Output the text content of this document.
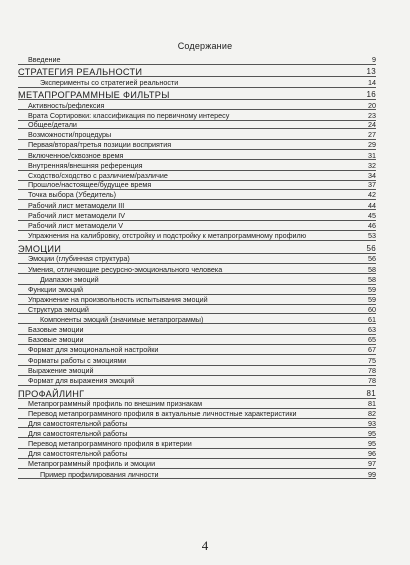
Содержание
Введение	9
СТРАТЕГИЯ РЕАЛЬНОСТИ	13
Эксперименты со стратегией реальности	14
МЕТАПРОГРАММНЫЕ ФИЛЬТРЫ	16
Активность/рефлексия	20
Врата Сортировки: классификация по первичному интересу	23
Общее/детали	24
Возможности/процедуры	27
Первая/вторая/третья позиции восприятия	29
Включенное/сквозное время	31
Внутренняя/внешняя референция	32
Сходство/сходство с различием/различие	34
Прошлое/настоящее/будущее время	37
Точка выбора (Убедитель)	42
Рабочий лист метамодели III	44
Рабочий лист метамодели IV	45
Рабочий лист метамодели V	46
Упражнения на калибровку, отстройку и подстройку к метапрограммному профилю	53
ЭМОЦИИ	56
Эмоции (глубинная структура)	56
Умения, отличающие ресурсно-эмоционального человека	58
Диапазон эмоций	58
Функции эмоций	59
Упражнение на произвольность испытывания эмоций	59
Структура эмоций	60
Компоненты эмоций (значимые метапрограммы)	61
Базовые эмоции	63
Базовые эмоции	65
Формат для эмоциональной настройки	67
Форматы работы с эмоциями	75
Выражение эмоций	78
Формат для выражения эмоций	78
ПРОФАЙЛИНГ	81
Метапрограммный профиль по внешним признакам	81
Перевод метапрограммного профиля в актуальные личностные характеристики	82
Для самостоятельной работы	93
Для самостоятельной работы	95
Перевод метапрограммного профиля в критерии	95
Для самостоятельной работы	96
Метапрограммный профиль и эмоции	97
Пример профилирования личности	99
4
